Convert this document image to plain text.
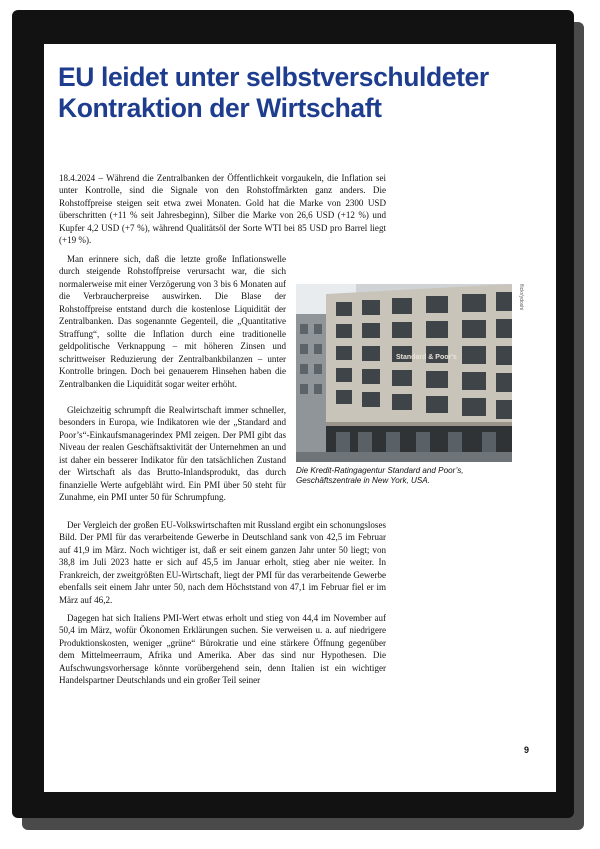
EU leidet unter selbstverschuldeter Kontraktion der Wirtschaft

18.4.2024 – Während die Zentralbanken der Öffentlichkeit vorgaukeln, die Inflation sei unter Kontrolle, sind die Signale von den Rohstoffmärkten ganz anders. Die Rohstoffpreise steigen seit etwa zwei Monaten. Gold hat die Marke von 2300 USD überschritten (+11 % seit Jahresbeginn), Silber die Marke von 26,6 USD (+12 %) und Kupfer 4,2 USD (+7 %), während Qualitätsöl der Sorte WTI bei 85 USD pro Barrel liegt (+19 %).

Man erinnere sich, daß die letzte große Inflationswelle durch steigende Rohstoffpreise verursacht war, die sich normalerweise mit einer Verzögerung von 3 bis 6 Monaten auf die Verbraucherpreise auswirken. Die Blase der Rohstoffpreise entstand durch die kostenlose Liquidität der Zentralbanken. Das sogenannte Gegenteil, die „Quantitative Straffung“, sollte die Inflation durch eine traditionelle geldpolitische Verknappung – mit höheren Zinsen und schrittweiser Reduzierung der Zentralbankbilanzen – unter Kontrolle bringen. Doch bei genauerem Hinsehen haben die Zentralbanken die Liquidität sogar weiter erhöht.

Gleichzeitig schrumpft die Realwirtschaft immer schneller, besonders in Europa, wie Indikatoren wie der „Standard and Poor’s“-Einkaufsmanagerindex PMI zeigen. Der PMI gibt das Niveau der realen Geschäftsaktivität der Unternehmen an und ist daher ein besserer Indikator für den tatsächlichen Zustand der Wirtschaft als das Brutto-Inlandsprodukt, das durch finanzielle Werte aufgebläht wird. Ein PMI über 50 steht für Zunahme, ein PMI unter 50 für Schrumpfung.

Der Vergleich der großen EU-Volkswirtschaften mit Russland ergibt ein schonungsloses Bild. Der PMI für das verarbeitende Gewerbe in Deutschland sank von 42,5 im Februar auf 41,9 im März. Noch wichtiger ist, daß er seit einem ganzen Jahr unter 50 liegt; von 38,8 im Juli 2023 hatte er sich auf 45,5 im Januar erholt, stieg aber nie weiter. In Frankreich, der zweitgrößten EU-Wirtschaft, liegt der PMI für das verarbeitende Gewerbe ebenfalls seit einem Jahr unter 50, nach dem Höchststand von 47,1 im Februar fiel er im März auf 46,2.

Dagegen hat sich Italiens PMI-Wert etwas erholt und stieg von 44,4 im November auf 50,4 im März, wofür Ökonomen Erklärungen suchen. Sie verweisen u. a. auf niedrigere Produktionskosten, weniger „grüne“ Bürokratie und eine stärkere Öffnung gegenüber dem Mittelmeerraum, Afrika und Amerika. Aber das sind nur Hypothesen. Die Aufschwungsvorhersage könnte vorübergehend sein, denn Italien ist ein wichtiger Handelspartner Deutschlands und ein großer Teil seiner

Standard & Poor's
flickr/ydoshi

Die Kredit-Ratingagentur Standard and Poor’s, Geschäftszentrale in New York, USA.

9
